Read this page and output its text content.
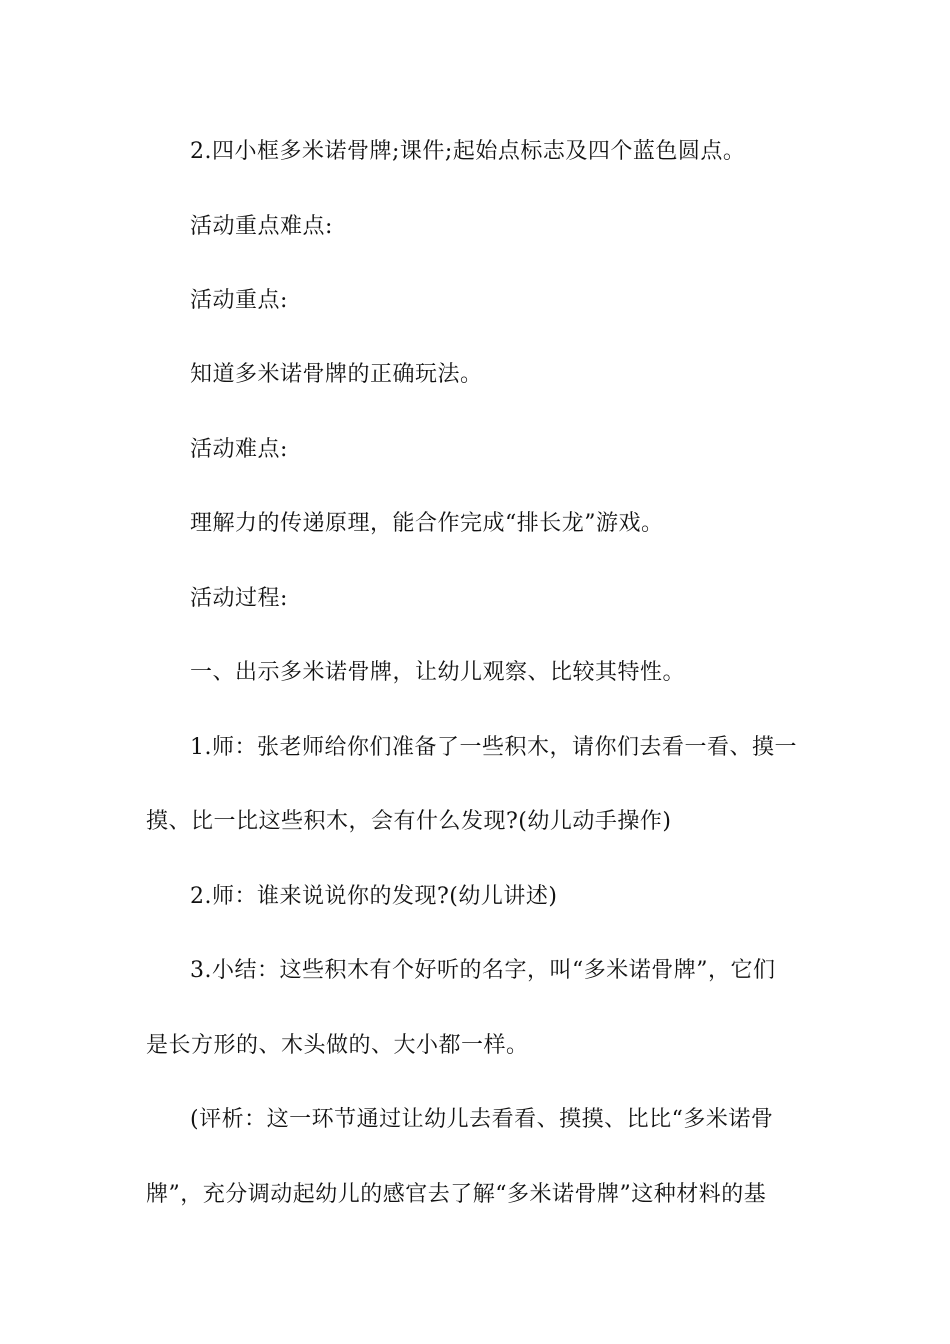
2.四小框多米诺骨牌;课件;起始点标志及四个蓝色圆点。
活动重点难点:
活动重点:
知道多米诺骨牌的正确玩法。
活动难点:
理解力的传递原理，能合作完成“排长龙”游戏。
活动过程:
一、出示多米诺骨牌，让幼儿观察、比较其特性。
1.师：张老师给你们准备了一些积木，请你们去看一看、摸一
摸、比一比这些积木，会有什么发现?(幼儿动手操作)
2.师：谁来说说你的发现?(幼儿讲述)
3.小结：这些积木有个好听的名字，叫“多米诺骨牌”，它们
是长方形的、木头做的、大小都一样。
(评析：这一环节通过让幼儿去看看、摸摸、比比“多米诺骨
牌”，充分调动起幼儿的感官去了解“多米诺骨牌”这种材料的基
